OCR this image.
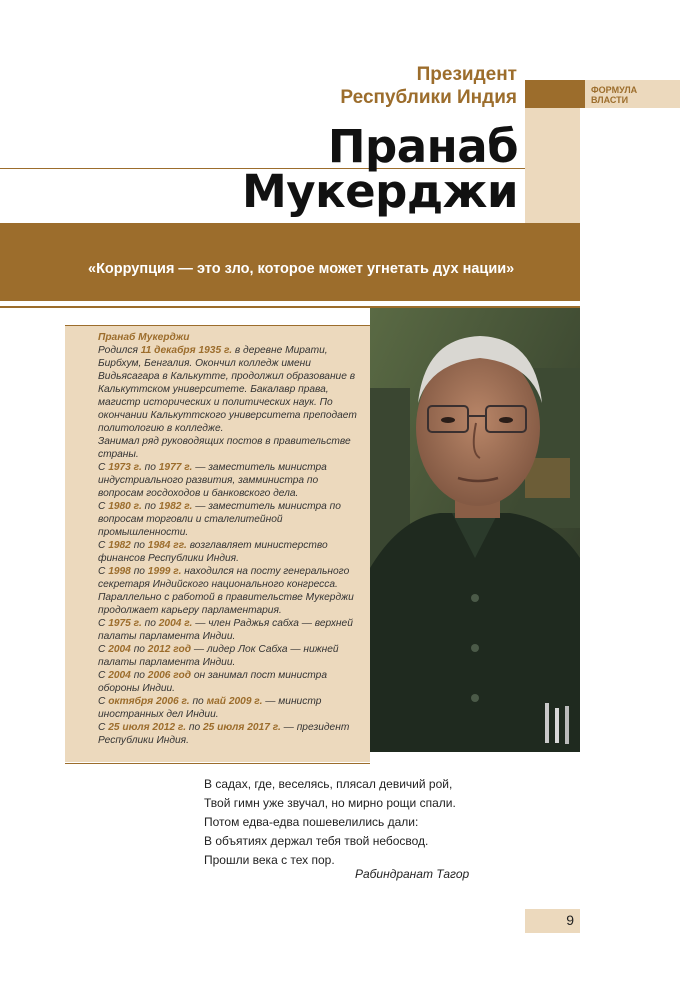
ФОРМУЛА
ВЛАСТИ
Президент
Республики Индия
Пранаб
Мукерджи
«Коррупция — это зло, которое может угнетать дух нации»
Пранаб Мукерджи
Родился 11 декабря 1935 г. в деревне Мирати, Бирбхум, Бенгалия. Окончил колледж имени Видьясагара в Калькутте, продолжил образование в Калькуттском университете. Бакалавр права, магистр исторических и политических наук. По окончании Калькуттского университета преподает политологию в колледже.
Занимал ряд руководящих постов в правительстве страны.
С 1973 г. по 1977 г. — заместитель министра индустриального развития, замминистра по вопросам госдоходов и банковского дела.
С 1980 г. по 1982 г. — заместитель министра по вопросам торговли и сталелитейной промышленности.
С 1982 по 1984 гг. возглавляет министерство финансов Республики Индия.
С 1998 по 1999 г. находился на посту генерального секретаря Индийского национального конгресса. Параллельно с работой в правительстве Мукерджи продолжает карьеру парламентария.
С 1975 г. по 2004 г. — член Раджья сабха — верхней палаты парламента Индии.
С 2004 по 2012 год — лидер Лок Сабха — нижней палаты парламента Индии.
С 2004 по 2006 год он занимал пост министра обороны Индии.
С октября 2006 г. по май 2009 г. — министр иностранных дел Индии.
С 25 июля 2012 г. по 25 июля 2017 г. — президент Республики Индия.
В садах, где, веселясь, плясал девичий рой,
Твой гимн уже звучал, но мирно рощи спали.
Потом едва-едва пошевелились дали:
В объятиях держал тебя твой небосвод.
Прошли века с тех пор.
Рабиндранат Тагор
9
